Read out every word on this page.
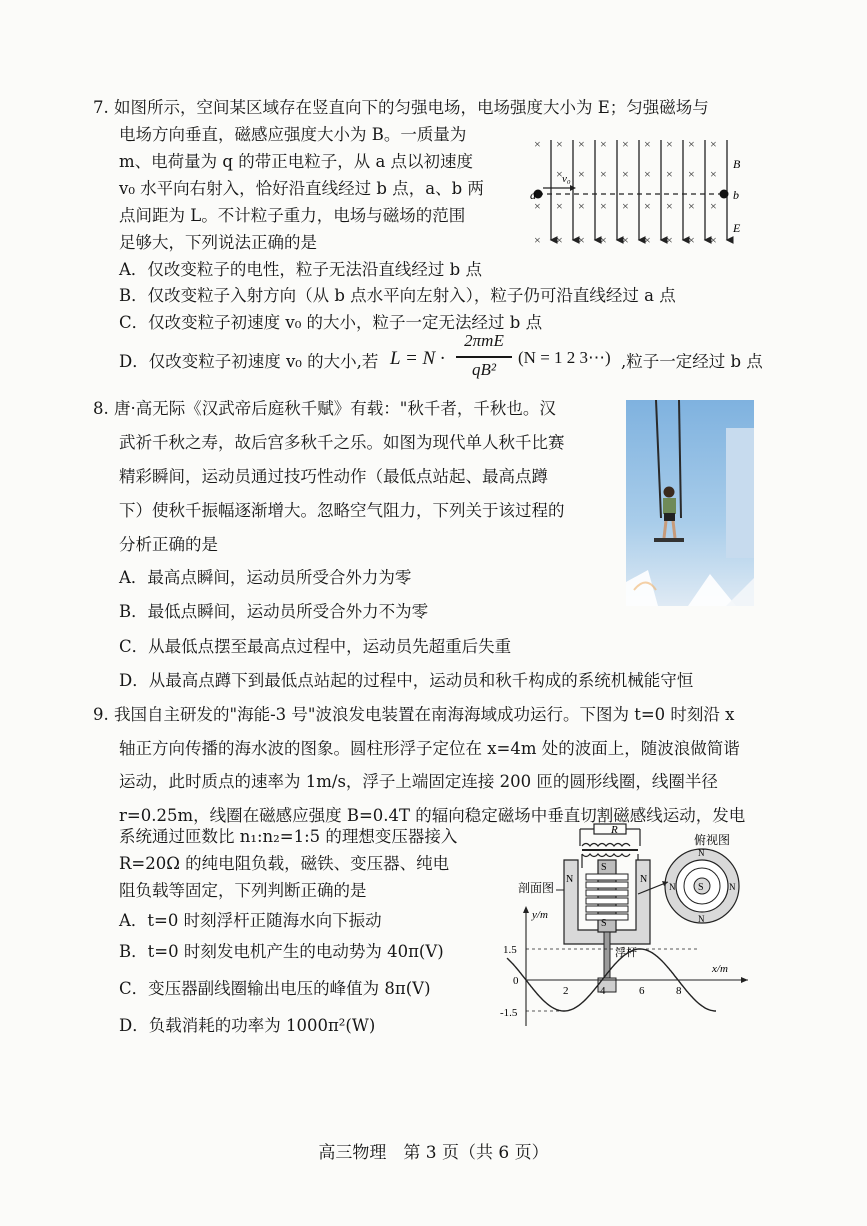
7. 如图所示，空间某区域存在竖直向下的匀强电场，电场强度大小为 E；匀强磁场与
电场方向垂直，磁感应强度大小为 B。一质量为
m、电荷量为 q 的带正电粒子，从 a 点以初速度
v₀ 水平向右射入，恰好沿直线经过 b 点，a、b 两
点间距为 L。不计粒子重力，电场与磁场的范围
足够大，下列说法正确的是
A．仅改变粒子的电性，粒子无法沿直线经过 b 点
B．仅改变粒子入射方向（从 b 点水平向左射入），粒子仍可沿直线经过 a 点
C．仅改变粒子初速度 v₀ 的大小，粒子一定无法经过 b 点
D．仅改变粒子初速度 v₀ 的大小,若 L = N ·
2πmE
qB²
(N = 1 2 3⋯) ,粒子一定经过 b 点
× × × × × × × × ×
× × × × × × × ×
× × × × × × × × ×
× × × × × × × × ×
a	b
B
E
v₀
8. 唐·高无际《汉武帝后庭秋千赋》有载："秋千者，千秋也。汉
武祈千秋之寿，故后宫多秋千之乐。如图为现代单人秋千比赛
精彩瞬间，运动员通过技巧性动作（最低点站起、最高点蹲
下）使秋千振幅逐渐增大。忽略空气阻力，下列关于该过程的
分析正确的是
A．最高点瞬间，运动员所受合外力为零
B．最低点瞬间，运动员所受合外力不为零
C．从最低点摆至最高点过程中，运动员先超重后失重
D．从最高点蹲下到最低点站起的过程中，运动员和秋千构成的系统机械能守恒
9. 我国自主研发的"海能-3 号"波浪发电装置在南海海域成功运行。下图为 t=0 时刻沿 x
轴正方向传播的海水波的图象。圆柱形浮子定位在 x=4m 处的波面上，随波浪做简谐
运动，此时质点的速率为 1m/s，浮子上端固定连接 200 匝的圆形线圈，线圈半径
r=0.25m，线圈在磁感应强度 B=0.4T 的辐向稳定磁场中垂直切割磁感线运动，发电
系统通过匝数比 n₁:n₂=1:5 的理想变压器接入
R=20Ω 的纯电阻负载，磁铁、变压器、纯电
阻负载等固定，下列判断正确的是
A．t=0 时刻浮杆正随海水向下振动
B．t=0 时刻发电机产生的电动势为 40π(V)
C．变压器副线圈输出电压的峰值为 8π(V)
D．负载消耗的功率为 1000π²(W)
R
S
S
N	N
剖面图
浮杆
俯视图
S
N
N
N	N
y/m
x/m
1.5
0
-1.5
2	4	6	8
高三物理　第 3 页（共 6 页）
